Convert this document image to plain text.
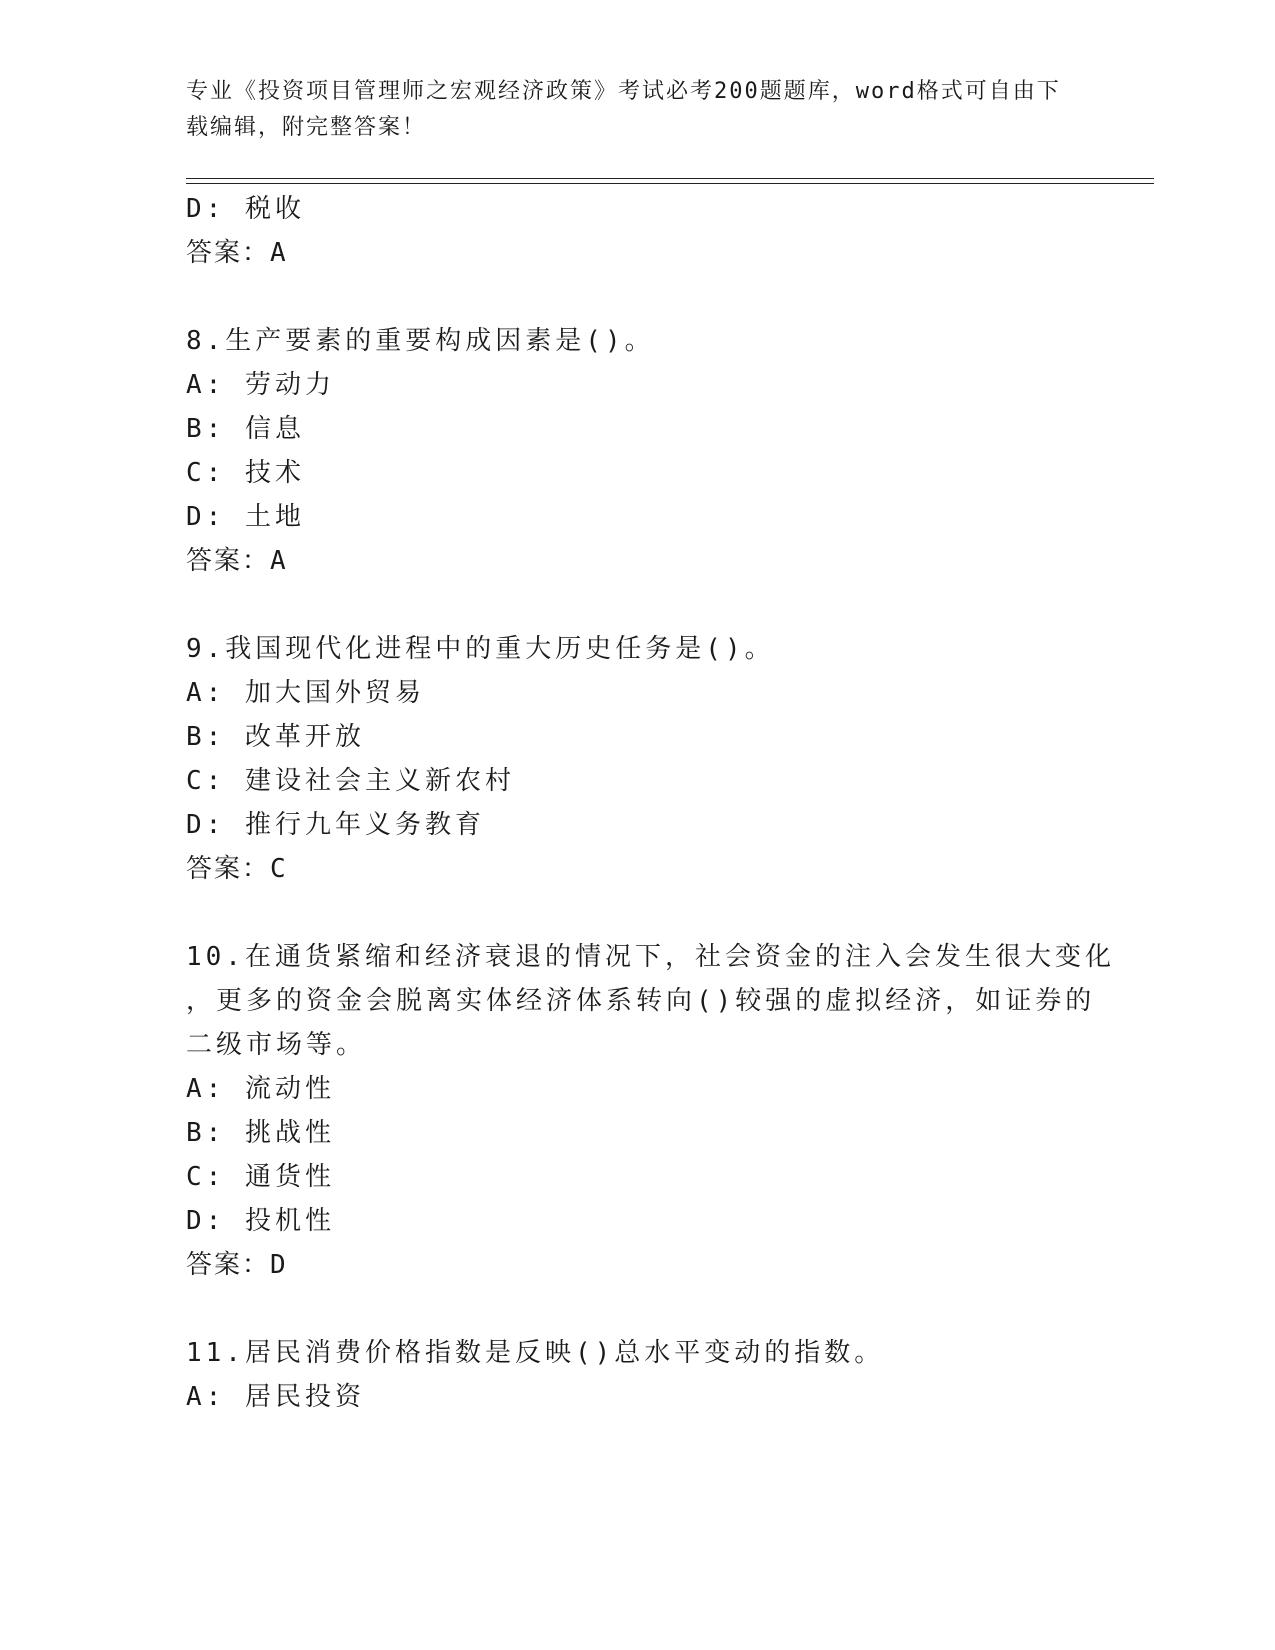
专业《投资项目管理师之宏观经济政策》考试必考200题题库，word格式可自由下载编辑，附完整答案！
D: 税收
答案：A
8.生产要素的重要构成因素是()。
A: 劳动力
B: 信息
C: 技术
D: 土地
答案：A
9.我国现代化进程中的重大历史任务是()。
A: 加大国外贸易
B: 改革开放
C: 建设社会主义新农村
D: 推行九年义务教育
答案：C
10.在通货紧缩和经济衰退的情况下，社会资金的注入会发生很大变化
，更多的资金会脱离实体经济体系转向()较强的虚拟经济，如证券的
二级市场等。
A: 流动性
B: 挑战性
C: 通货性
D: 投机性
答案：D
11.居民消费价格指数是反映()总水平变动的指数。
A: 居民投资
